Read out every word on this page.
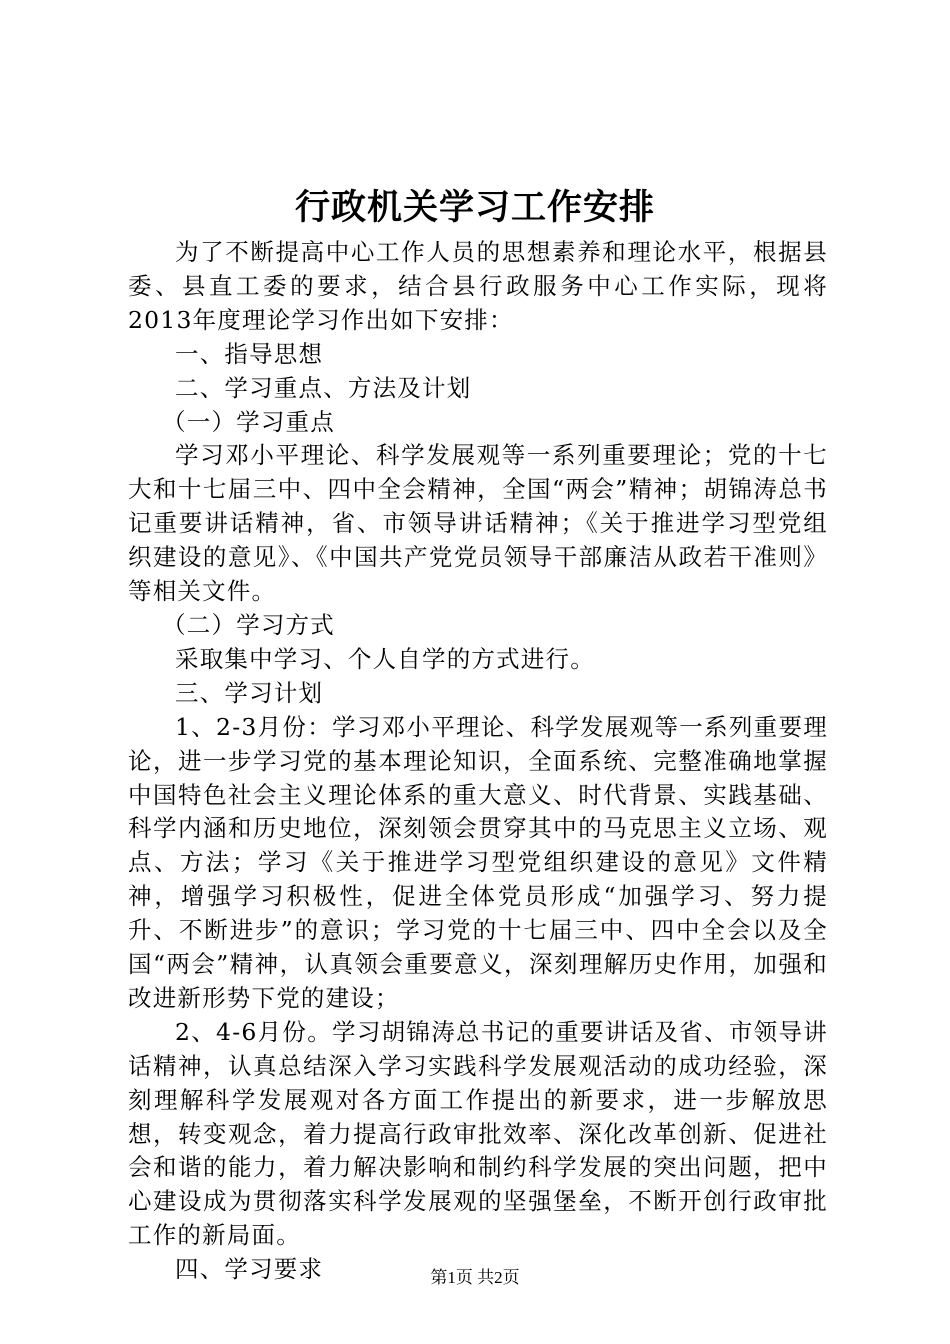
行政机关学习工作安排

为了不断提高中心工作人员的思想素养和理论水平，根据县委、县直工委的要求，结合县行政服务中心工作实际，现将2013年度理论学习作出如下安排：

一、指导思想

二、学习重点、方法及计划

（一）学习重点

学习邓小平理论、科学发展观等一系列重要理论；党的十七大和十七届三中、四中全会精神，全国“两会”精神；胡锦涛总书记重要讲话精神，省、市领导讲话精神；《关于推进学习型党组织建设的意见》、《中国共产党党员领导干部廉洁从政若干准则》等相关文件。

（二）学习方式

采取集中学习、个人自学的方式进行。

三、学习计划

1、2-3月份：学习邓小平理论、科学发展观等一系列重要理论，进一步学习党的基本理论知识，全面系统、完整准确地掌握中国特色社会主义理论体系的重大意义、时代背景、实践基础、科学内涵和历史地位，深刻领会贯穿其中的马克思主义立场、观点、方法；学习《关于推进学习型党组织建设的意见》文件精神，增强学习积极性，促进全体党员形成“加强学习、努力提升、不断进步”的意识；学习党的十七届三中、四中全会以及全国“两会”精神，认真领会重要意义，深刻理解历史作用，加强和改进新形势下党的建设；

2、4-6月份。学习胡锦涛总书记的重要讲话及省、市领导讲话精神，认真总结深入学习实践科学发展观活动的成功经验，深刻理解科学发展观对各方面工作提出的新要求，进一步解放思想，转变观念，着力提高行政审批效率、深化改革创新、促进社会和谐的能力，着力解决影响和制约科学发展的突出问题，把中心建设成为贯彻落实科学发展观的坚强堡垒，不断开创行政审批工作的新局面。

四、学习要求	第1页 共2页
